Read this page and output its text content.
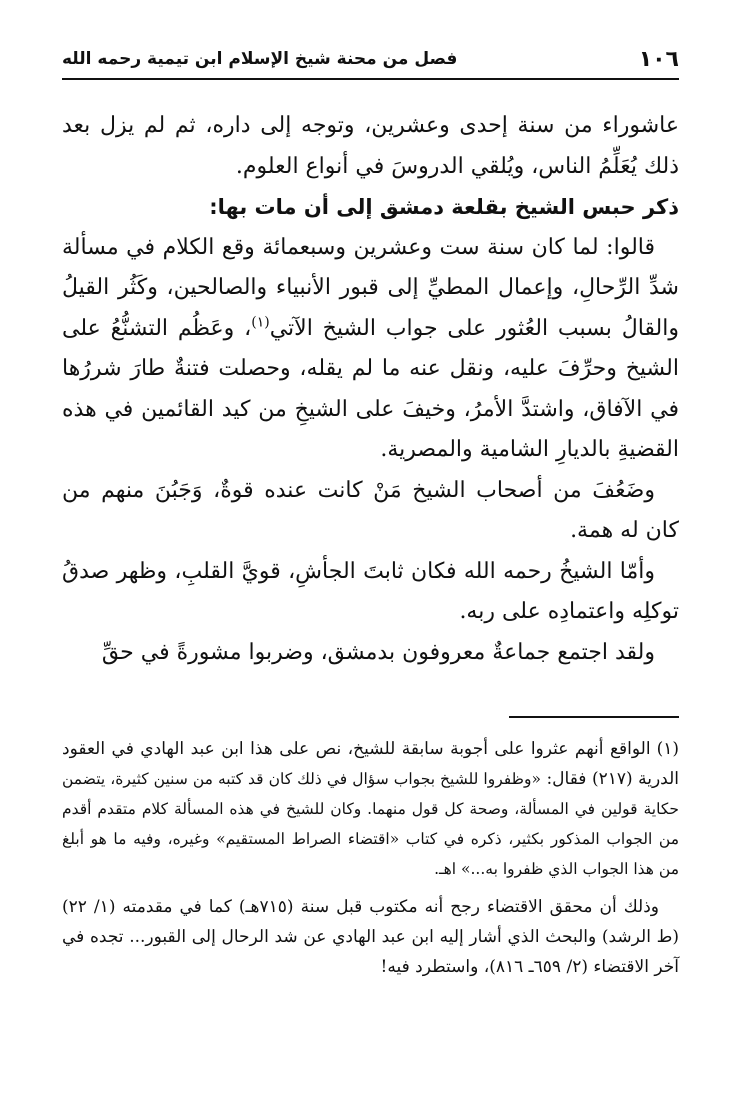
١٠٦
فصل من محنة شيخ الإسلام ابن تيمية رحمه الله

عاشوراء من سنة إحدى وعشرين، وتوجه إلى داره، ثم لم يزل بعد ذلك يُعَلِّمُ الناس، ويُلقي الدروسَ في أنواع العلوم.

ذكر حبس الشيخ بقلعة دمشق إلى أن مات بها:

قالوا: لما كان سنة ست وعشرين وسبعمائة وقع الكلام في مسألة شدِّ الرِّحالِ، وإعمال المطيِّ إلى قبور الأنبياء والصالحين، وكَثُر القيلُ والقالُ بسبب العُثور على جواب الشيخ الآتي$^{(١)}$، وعَظُم التشنُّعُ على الشيخ وحرِّفَ عليه، ونقل عنه ما لم يقله، وحصلت فتنةٌ طارَ شررُها في الآفاق، واشتدَّ الأمرُ، وخيفَ على الشيخِ من كيد القائمين في هذه القضيةِ بالديارِ الشامية والمصرية.

وضَعُفَ من أصحاب الشيخ مَنْ كانت عنده قوةٌ، وَجَبُنَ منهم من كان له همة.

وأمّا الشيخُ رحمه الله فكان ثابتَ الجأشِ، قويَّ القلبِ، وظهر صدقُ توكلِه واعتمادِه على ربه.

ولقد اجتمع جماعةٌ معروفون بدمشق، وضربوا مشورةً في حقِّ

(١)الواقع أنهم عثروا على أجوبة سابقة للشيخ، نص على هذا ابن عبد الهادي في العقود الدرية (٢١٧) فقال: «وظفروا للشيخ بجواب سؤال في ذلك كان قد كتبه من سنين كثيرة، يتضمن حكاية قولين في المسألة، وصحة كل قول منهما. وكان للشيخ في هذه المسألة كلام متقدم أقدم من الجواب المذكور بكثير، ذكره في كتاب «اقتضاء الصراط المستقيم» وغيره، وفيه ما هو أبلغ من هذا الجواب الذي ظفروا به...» اهـ.

وذلك أن محقق الاقتضاء رجح أنه مكتوب قبل سنة (٧١٥هـ) كما في مقدمته (١/ ٢٢) (ط الرشد) والبحث الذي أشار إليه ابن عبد الهادي عن شد الرحال إلى القبور... تجده في آخر الاقتضاء (٢/ ٦٥٩ـ ٨١٦)، واستطرد فيه!
